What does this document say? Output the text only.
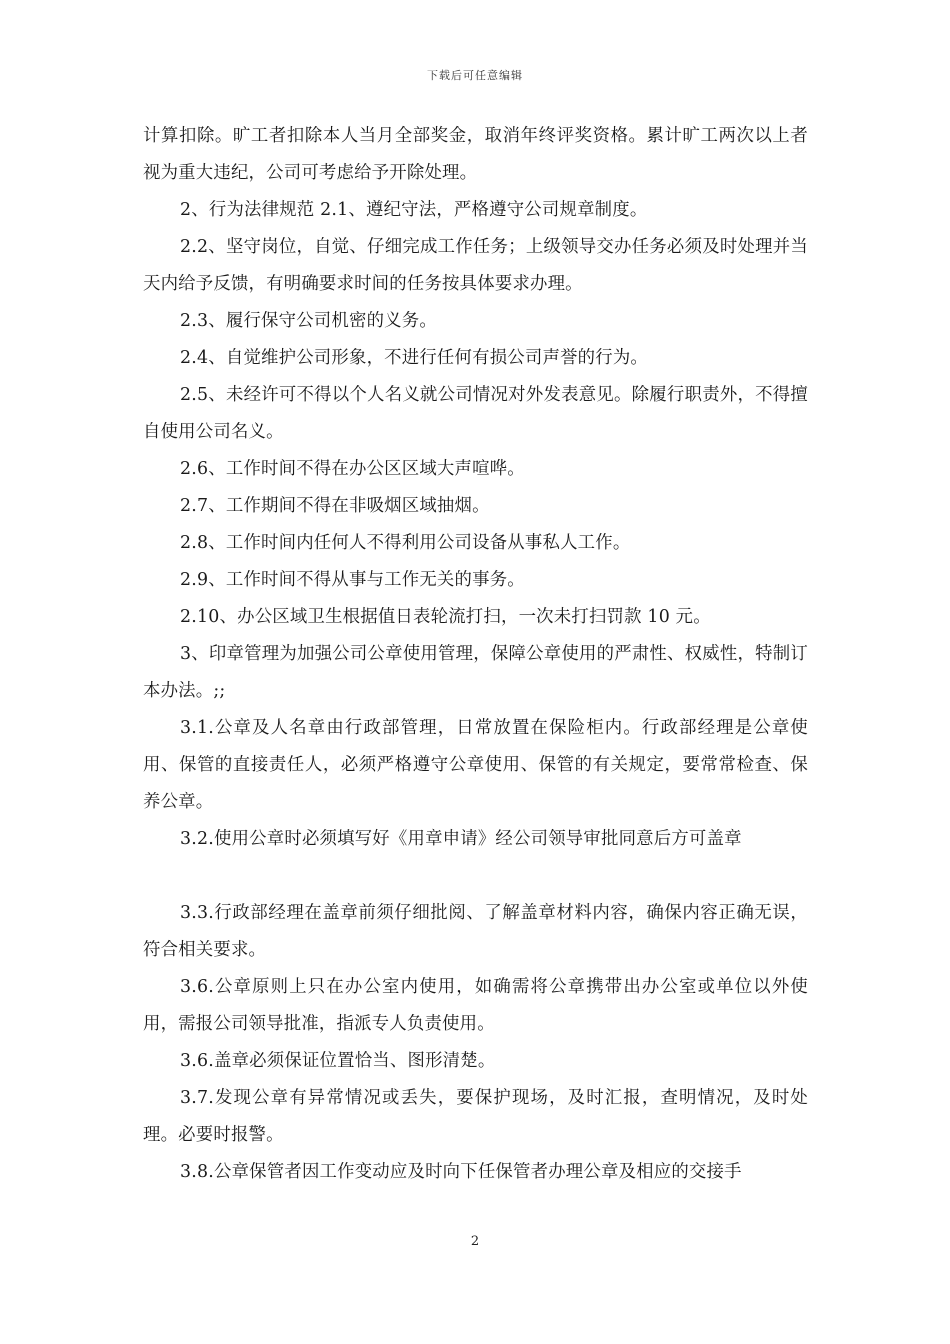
下载后可任意编辑

计算扣除。旷工者扣除本人当月全部奖金，取消年终评奖资格。累计旷工两次以上者视为重大违纪，公司可考虑给予开除处理。

2、行为法律规范 2.1、遵纪守法，严格遵守公司规章制度。

2.2、坚守岗位，自觉、仔细完成工作任务；上级领导交办任务必须及时处理并当天内给予反馈，有明确要求时间的任务按具体要求办理。

2.3、履行保守公司机密的义务。

2.4、自觉维护公司形象，不进行任何有损公司声誉的行为。

2.5、未经许可不得以个人名义就公司情况对外发表意见。除履行职责外，不得擅自使用公司名义。

2.6、工作时间不得在办公区区域大声喧哗。

2.7、工作期间不得在非吸烟区域抽烟。

2.8、工作时间内任何人不得利用公司设备从事私人工作。

2.9、工作时间不得从事与工作无关的事务。

2.10、办公区域卫生根据值日表轮流打扫，一次未打扫罚款 10 元。

3、印章管理为加强公司公章使用管理，保障公章使用的严肃性、权威性，特制订本办法。;;

3.1.公章及人名章由行政部管理，日常放置在保险柜内。行政部经理是公章使用、保管的直接责任人，必须严格遵守公章使用、保管的有关规定，要常常检查、保养公章。

3.2.使用公章时必须填写好《用章申请》经公司领导审批同意后方可盖章

3.3.行政部经理在盖章前须仔细批阅、了解盖章材料内容，确保内容正确无误，符合相关要求。

3.6.公章原则上只在办公室内使用，如确需将公章携带出办公室或单位以外使用，需报公司领导批准，指派专人负责使用。

3.6.盖章必须保证位置恰当、图形清楚。

3.7.发现公章有异常情况或丢失，要保护现场，及时汇报，查明情况，及时处理。必要时报警。

3.8.公章保管者因工作变动应及时向下任保管者办理公章及相应的交接手

2
